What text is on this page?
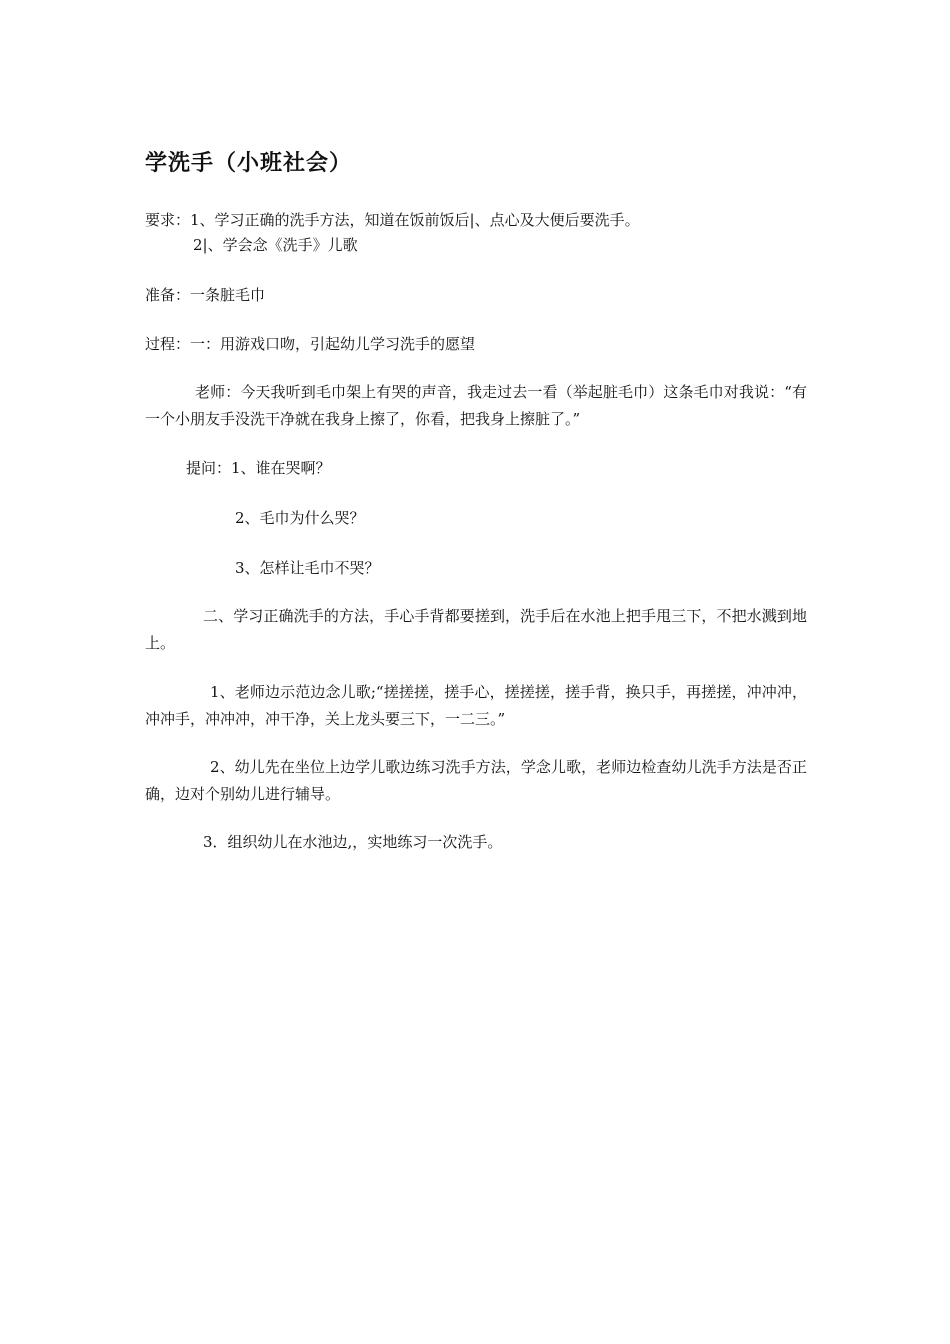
学洗手（小班社会）
要求：1、学习正确的洗手方法，知道在饭前饭后|、点心及大便后要洗手。
2|、学会念《洗手》儿歌
准备：一条脏毛巾
过程：一：用游戏口吻，引起幼儿学习洗手的愿望
老师：今天我听到毛巾架上有哭的声音，我走过去一看（举起脏毛巾）这条毛巾对我说：“有一个小朋友手没洗干净就在我身上擦了，你看，把我身上擦脏了。”
提问：1、谁在哭啊？
2、毛巾为什么哭？
3、怎样让毛巾不哭？
二、学习正确洗手的方法，手心手背都要搓到，洗手后在水池上把手甩三下，不把水溅到地上。
1、老师边示范边念儿歌;“搓搓搓，搓手心，搓搓搓，搓手背，换只手，再搓搓，冲冲冲，冲冲手，冲冲冲，冲干净，关上龙头要三下，一二三。”
2、幼儿先在坐位上边学儿歌边练习洗手方法，学念儿歌，老师边检查幼儿洗手方法是否正确，边对个别幼儿进行辅导。
3．组织幼儿在水池边,，实地练习一次洗手。
